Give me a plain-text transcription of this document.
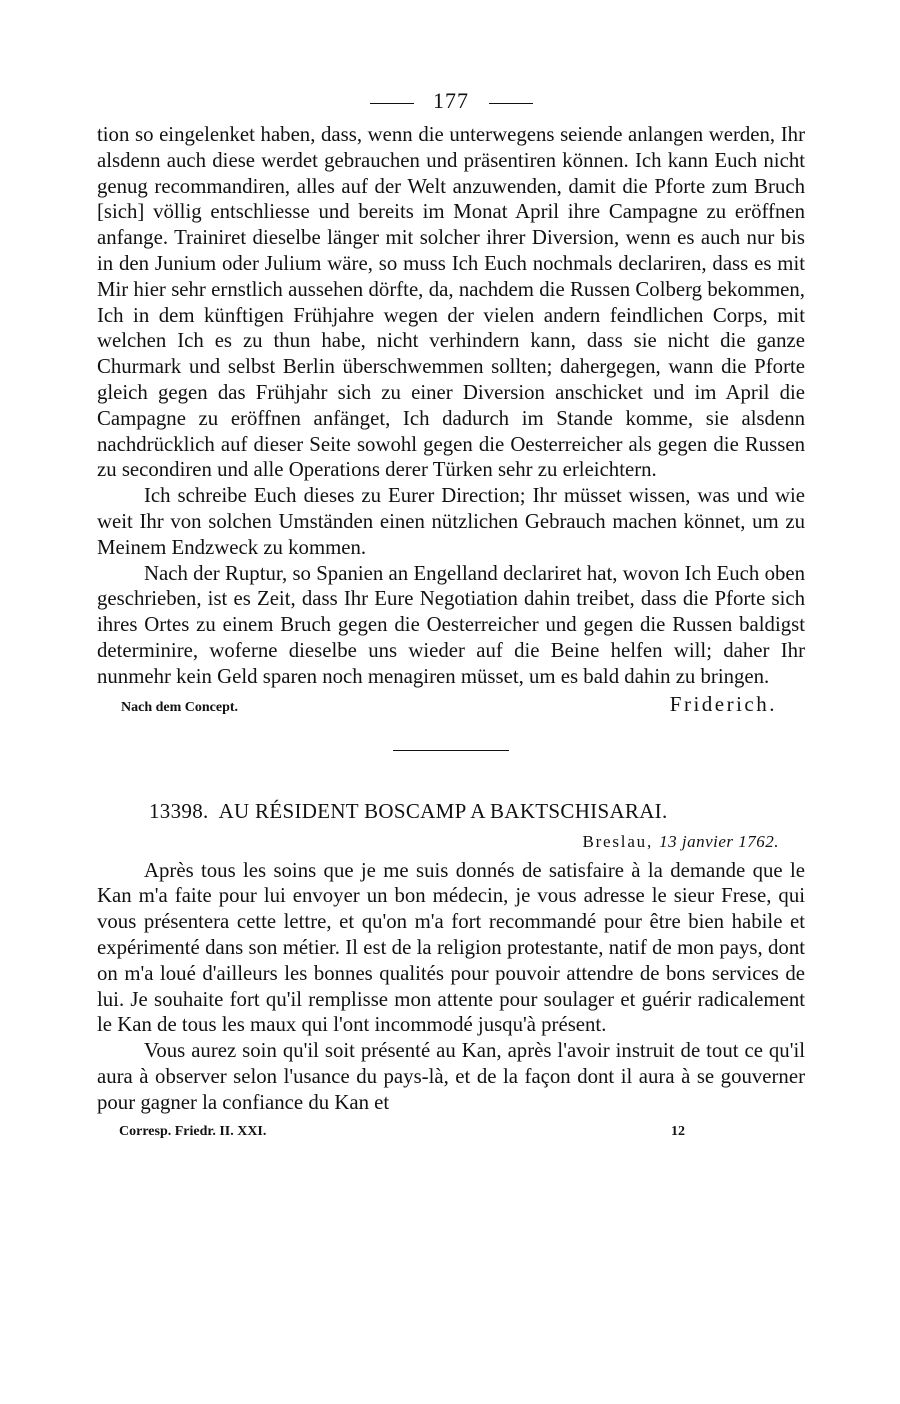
177

tion so eingelenket haben, dass, wenn die unterwegens seiende anlangen werden, Ihr alsdenn auch diese werdet gebrauchen und präsentiren können. Ich kann Euch nicht genug recommandiren, alles auf der Welt anzuwenden, damit die Pforte zum Bruch [sich] völlig entschliesse und bereits im Monat April ihre Campagne zu eröffnen anfange. Trainiret dieselbe länger mit solcher ihrer Diversion, wenn es auch nur bis in den Junium oder Julium wäre, so muss Ich Euch nochmals declariren, dass es mit Mir hier sehr ernstlich aussehen dörfte, da, nachdem die Russen Colberg bekommen, Ich in dem künftigen Frühjahre wegen der vielen andern feindlichen Corps, mit welchen Ich es zu thun habe, nicht verhindern kann, dass sie nicht die ganze Churmark und selbst Berlin überschwemmen sollten; dahergegen, wann die Pforte gleich gegen das Frühjahr sich zu einer Diversion anschicket und im April die Campagne zu eröffnen anfänget, Ich dadurch im Stande komme, sie alsdenn nachdrücklich auf dieser Seite sowohl gegen die Oesterreicher als gegen die Russen zu secondiren und alle Operations derer Türken sehr zu erleichtern.

Ich schreibe Euch dieses zu Eurer Direction; Ihr müsset wissen, was und wie weit Ihr von solchen Umständen einen nützlichen Gebrauch machen könnet, um zu Meinem Endzweck zu kommen.

Nach der Ruptur, so Spanien an Engelland declariret hat, wovon Ich Euch oben geschrieben, ist es Zeit, dass Ihr Eure Negotiation dahin treibet, dass die Pforte sich ihres Ortes zu einem Bruch gegen die Oesterreicher und gegen die Russen baldigst determinire, woferne dieselbe uns wieder auf die Beine helfen will; daher Ihr nunmehr kein Geld sparen noch menagiren müsset, um es bald dahin zu bringen.

Nach dem Concept.	Friderich.
13398. AU RÉSIDENT BOSCAMP A BAKTSCHISARAI.
Breslau, 13 janvier 1762.

Après tous les soins que je me suis donnés de satisfaire à la demande que le Kan m'a faite pour lui envoyer un bon médecin, je vous adresse le sieur Frese, qui vous présentera cette lettre, et qu'on m'a fort recommandé pour être bien habile et expérimenté dans son métier. Il est de la religion protestante, natif de mon pays, dont on m'a loué d'ailleurs les bonnes qualités pour pouvoir attendre de bons services de lui. Je souhaite fort qu'il remplisse mon attente pour soulager et guérir radicalement le Kan de tous les maux qui l'ont incommodé jusqu'à présent.

Vous aurez soin qu'il soit présenté au Kan, après l'avoir instruit de tout ce qu'il aura à observer selon l'usance du pays-là, et de la façon dont il aura à se gouverner pour gagner la confiance du Kan et

Corresp. Friedr. II. XXI.	12
